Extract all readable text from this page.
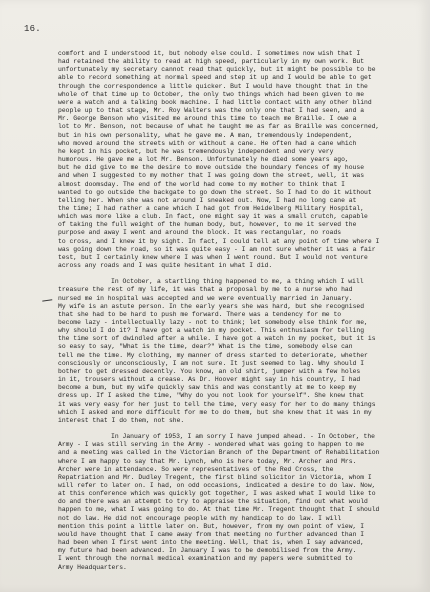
16.
comfort and I understood it, but nobody else could. I sometimes now wish that I
had retained the ability to read at high speed, particularly in my own work. But
unfortunately my secretary cannot read that quickly, but it might be possible to be
able to record something at normal speed and step it up and I would be able to get
through the correspondence a little quicker. But I would have thought that in the
whole of that time up to October, the only two things which had been given to me
were a watch and a talking book machine. I had little contact with any other blind
people up to that stage, Mr. Roy Walters was the only one that I had seen, and a
Mr. George Benson who visited me around this time to teach me Braille. I owe a
lot to Mr. Benson, not because of what he taught me as far as Braille was concerned,
but in his own personality, what he gave me. A man, tremendously independent,
who moved around the streets with or without a cane. He often had a cane which
he kept in his pocket, but he was tremendously independent and very very
humorous. He gave me a lot Mr. Benson. Unfortunately he died some years ago,
but he did give to me the desire to move outside the boundary fences of my house
and when I suggested to my mother that I was going down the street, well, it was
almost doomsday. The end of the world had come to my mother to think that I
wanted to go outside the backgate to go down the street. So I had to do it without
telling her. When she was not around I sneaked out. Now, I had no long cane at
the time; I had rather a cane which I had got from Heidelberg Military Hospital,
which was more like a club. In fact, one might say it was a small crutch, capable
of taking the full weight of the human body, but, however, to me it served the
purpose and away I went and around the block. It was rectangular, no roads
to cross, and I knew it by sight. In fact, I could tell at any point of time where I
was going down the road, so it was quite easy - I am not sure whether it was a fair
test, but I certainly knew where I was when I went round. But I would not venture
across any roads and I was quite hesitant in what I did.
In October, a startling thing happened to me, a thing which I will
treasure the rest of my life, it was that a proposal by me to a nurse who had
nursed me in hospital was accepted and we were eventually married in January.
My wife is an astute person. In the early years she was hard, but she recognised
that she had to be hard to push me forward. There was a tendency for me to
become lazy - intellectually lazy - not to think; let somebody else think for me,
why should I do it? I have got a watch in my pocket. This enthusiasm for telling
the time sort of dwindled after a while. I have got a watch in my pocket, but it is
so easy to say, "What is the time, dear?" What is the time, somebody else can
tell me the time. My clothing, my manner of dress started to deteriorate, whether
consciously or unconsciously, I am not sure. It just seemed to lag. Why should I
bother to get dressed decently. You know, an old shirt, jumper with a few holes
in it, trousers without a crease. As Dr. Hoover might say in his country, I had
become a bum, but my wife quickly saw this and was constantly at me to keep my
dress up. If I asked the time, "Why do you not look for yourself". She knew that
it was very easy for her just to tell the time, very easy for her to do many things
which I asked and more difficult for me to do them, but she knew that it was in my
interest that I do them, not she.
In January of 1953, I am sorry I have jumped ahead. - In October, the
Army - I was still serving in the Army - wondered what was going to happen to me
and a meeting was called in the Victorian Branch of the Department of Rehabilitation
where I am happy to say that Mr. Lynch, who is here today, Mr. Archer and Mrs.
Archer were in attendance. So were representatives of the Red Cross, the
Repatriation and Mr. Dudley Tregent, the first blind solicitor in Victoria, whom I
will refer to later on. I had, on odd occasions, indicated a desire to do law. Now,
at this conference which was quickly got together, I was asked what I would like to
do and there was an attempt to try to appraise the situation, find out what would
happen to me, what I was going to do. At that time Mr. Tregent thought that I should
not do law. He did not encourage people with my handicap to do law. I will
mention this point a little later on. But, however, from my own point of view, I
would have thought that I came away from that meeting no further advanced than I
had been when I first went into the meeting. Well, that is, when I say advanced,
my future had been advanced. In January I was to be demobilised from the Army.
I went through the normal medical examination and my papers were submitted to
Army Headquarters.
